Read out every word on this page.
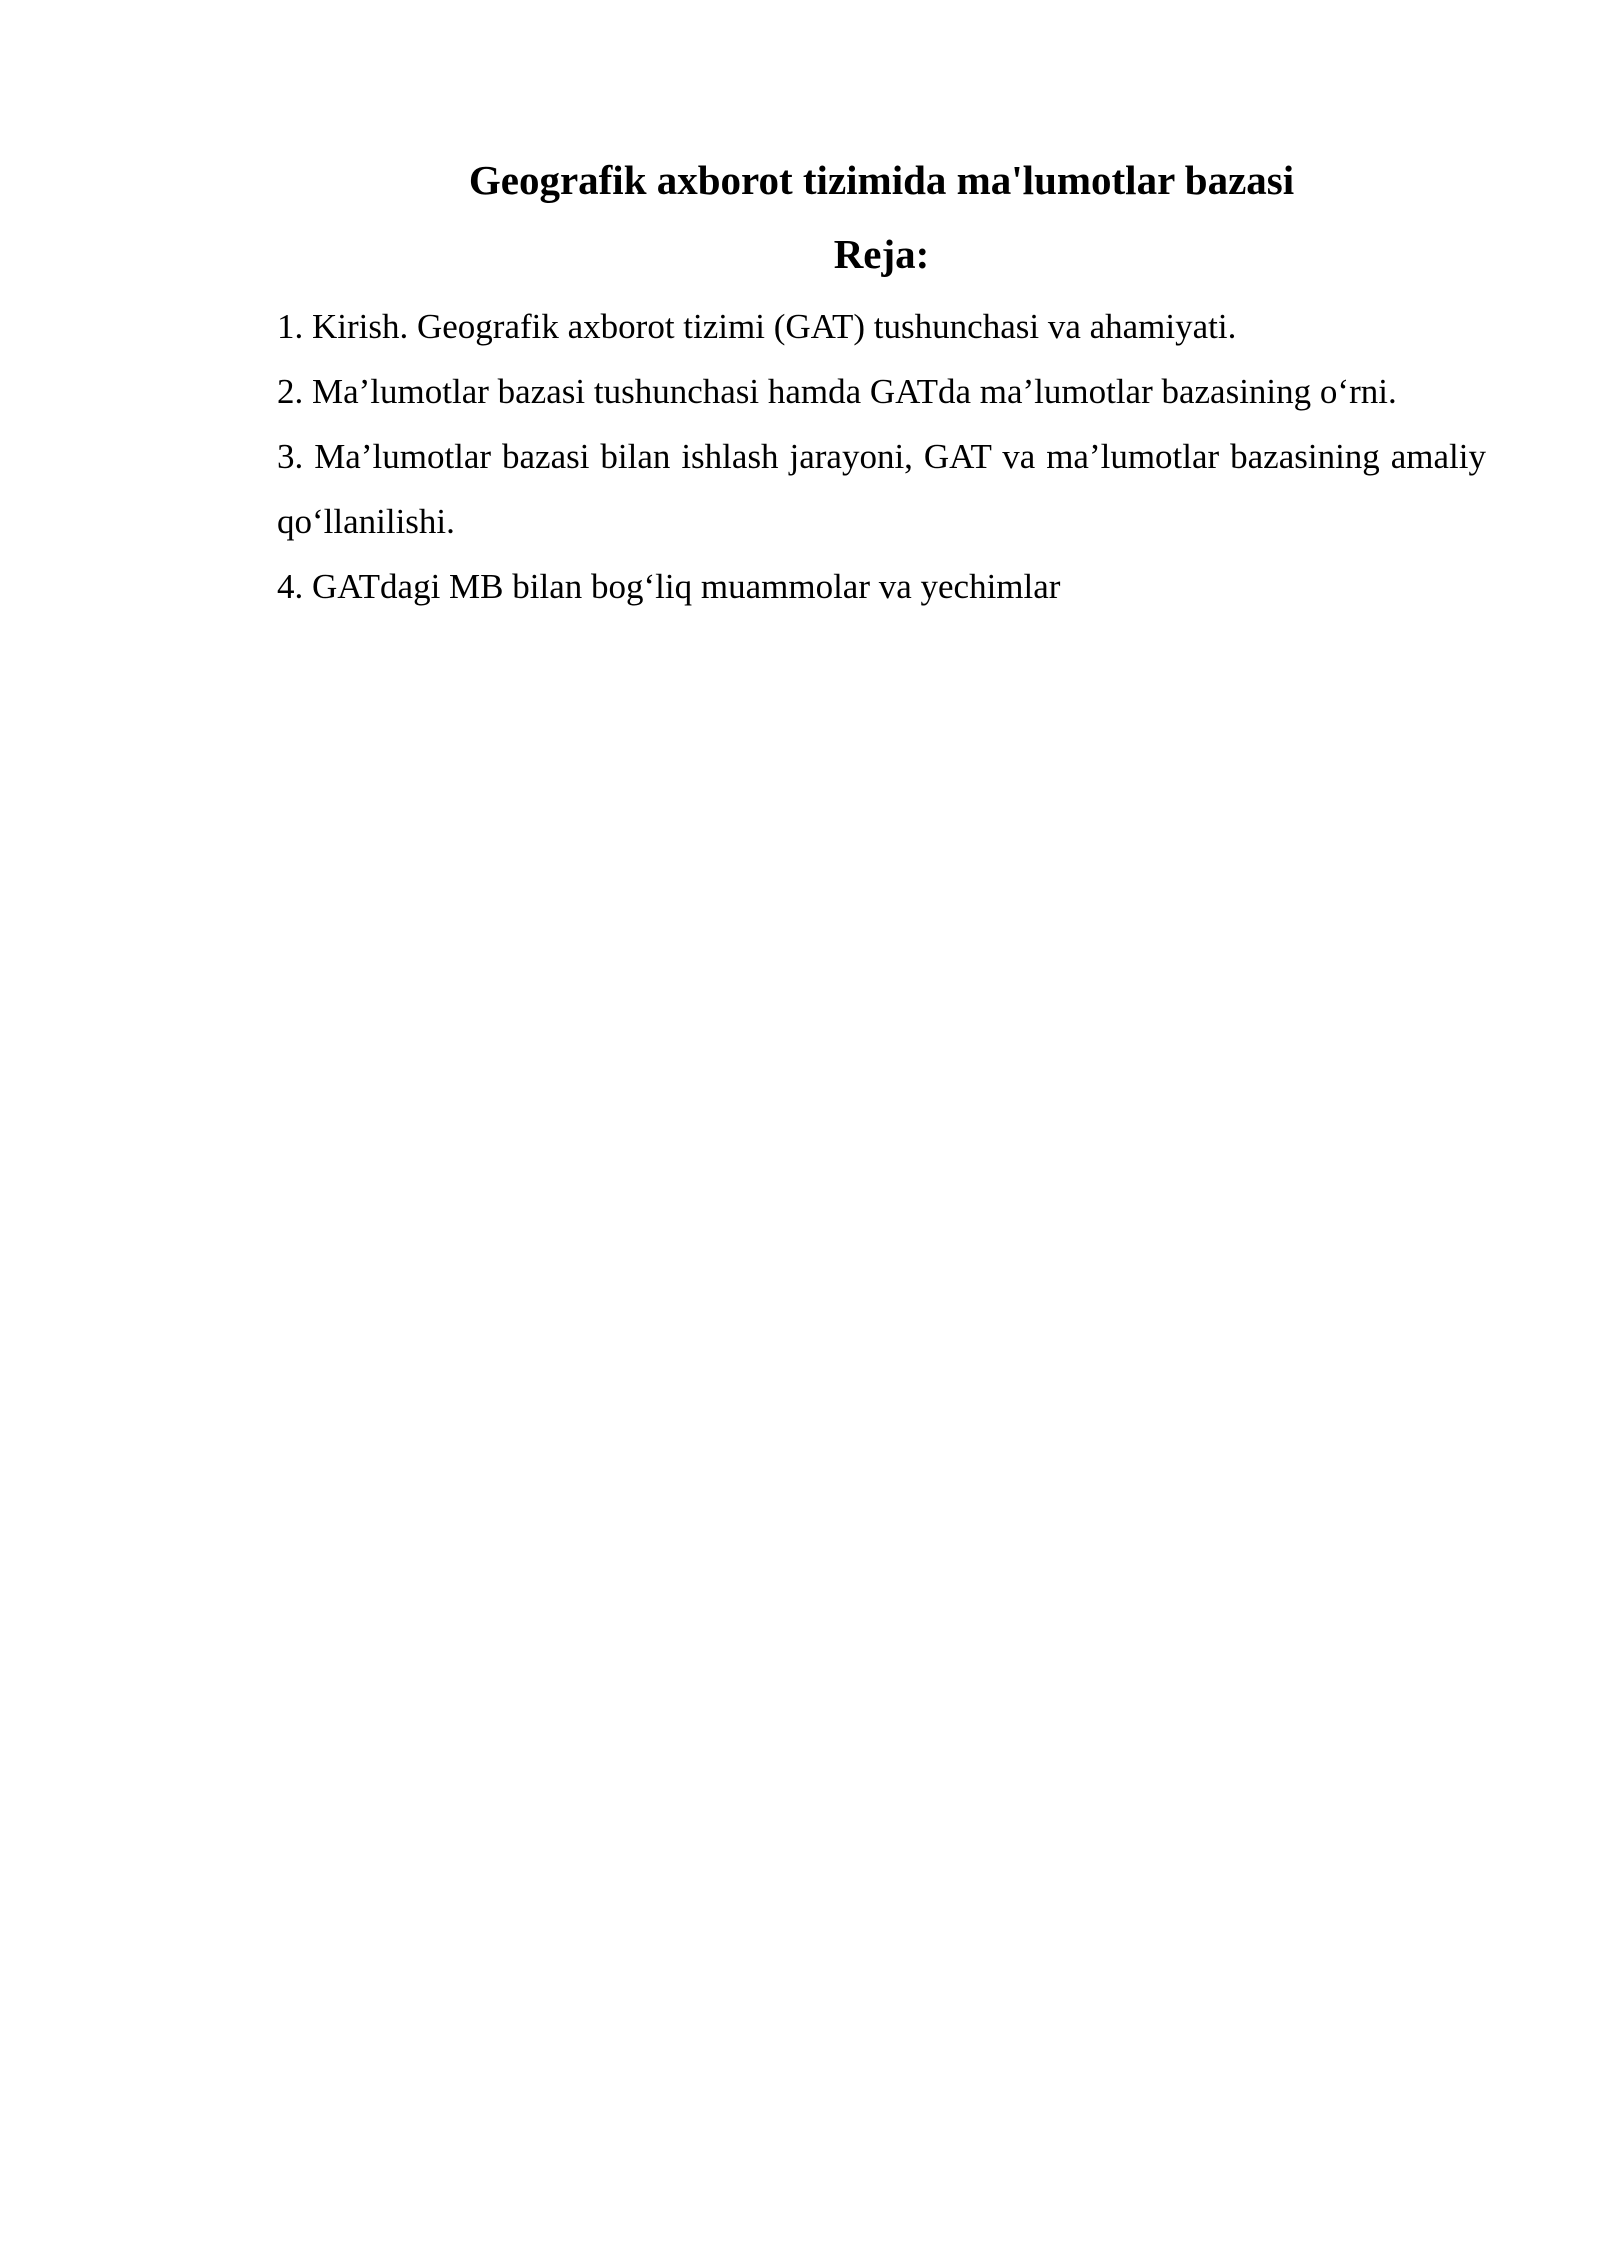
Geografik axborot tizimida ma'lumotlar bazasi
Reja:
1. Kirish. Geografik axborot tizimi (GAT) tushunchasi va ahamiyati.
2. Ma’lumotlar bazasi tushunchasi hamda GATda ma’lumotlar bazasining o‘rni.
3. Ma’lumotlar bazasi bilan ishlash jarayoni, GAT va ma’lumotlar bazasining amaliy qo‘llanilishi.
4. GATdagi MB bilan bog‘liq muammolar va yechimlar
